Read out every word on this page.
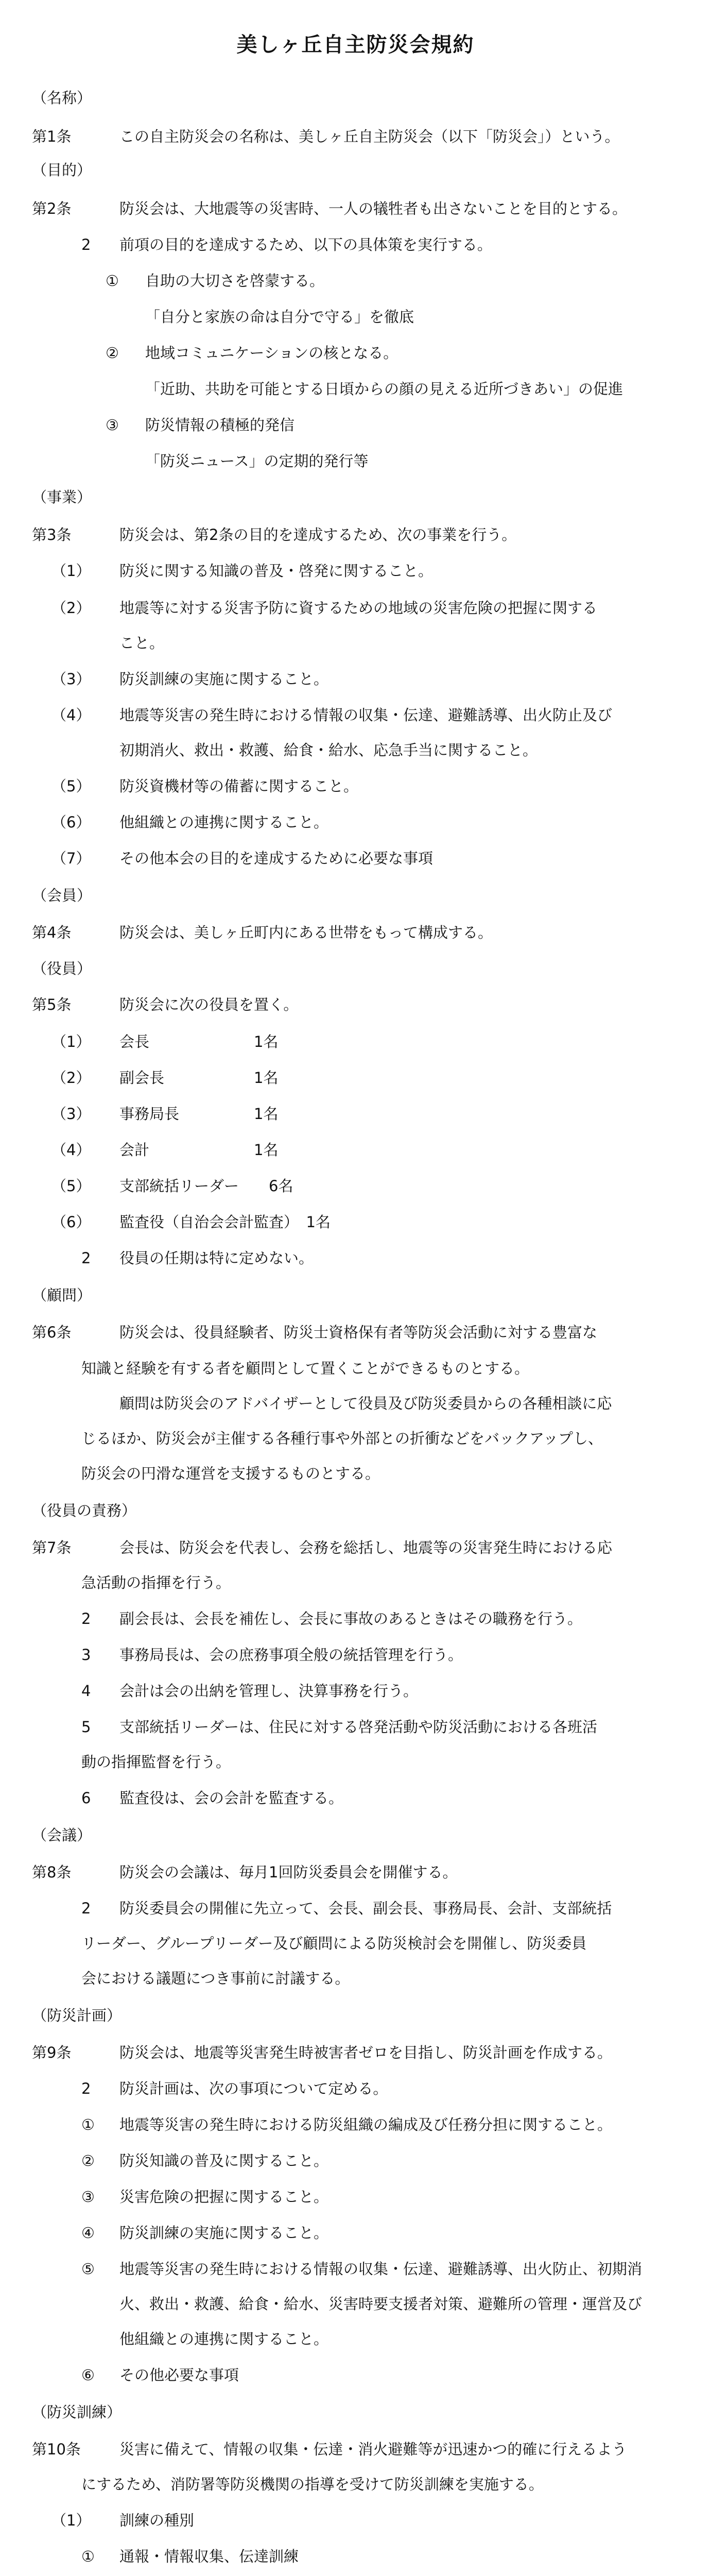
美しヶ丘自主防災会規約
（名称）
第1条	この自主防災会の名称は、美しヶ丘自主防災会（以下「防災会」）という。
（目的）
第2条	防災会は、大地震等の災害時、一人の犠牲者も出さないことを目的とする。
2 前項の目的を達成するため、以下の具体策を実行する。
① 自助の大切さを啓蒙する。
「自分と家族の命は自分で守る」を徹底
② 地域コミュニケーションの核となる。
「近助、共助を可能とする日頃からの顔の見える近所づきあい」の促進
③ 防災情報の積極的発信
「防災ニュース」の定期的発行等
（事業）
第3条	防災会は、第2条の目的を達成するため、次の事業を行う。
（1） 防災に関する知識の普及・啓発に関すること。
（2） 地震等に対する災害予防に資するための地域の災害危険の把握に関する
こと。
（3） 防災訓練の実施に関すること。
（4） 地震等災害の発生時における情報の収集・伝達、避難誘導、出火防止及び
初期消火、救出・救護、給食・給水、応急手当に関すること。
（5） 防災資機材等の備蓄に関すること。
（6） 他組織との連携に関すること。
（7） その他本会の目的を達成するために必要な事項
（会員）
第4条	防災会は、美しヶ丘町内にある世帯をもって構成する。
（役員）
第5条	防災会に次の役員を置く。
（1） 会長　　　　　　　1名
（2） 副会長　　　　　　1名
（3） 事務局長　　　　　1名
（4） 会計　　　　　　　1名
（5） 支部統括リーダー　　6名
（6） 監査役（自治会会計監査）　1名
2 役員の任期は特に定めない。
（顧問）
第6条	防災会は、役員経験者、防災士資格保有者等防災会活動に対する豊富な
知識と経験を有する者を顧問として置くことができるものとする。
顧問は防災会のアドバイザーとして役員及び防災委員からの各種相談に応
じるほか、防災会が主催する各種行事や外部との折衝などをバックアップし、
防災会の円滑な運営を支援するものとする。
（役員の責務）
第7条	会長は、防災会を代表し、会務を総括し、地震等の災害発生時における応
急活動の指揮を行う。
2 副会長は、会長を補佐し、会長に事故のあるときはその職務を行う。
3 事務局長は、会の庶務事項全般の統括管理を行う。
4 会計は会の出納を管理し、決算事務を行う。
5 支部統括リーダーは、住民に対する啓発活動や防災活動における各班活
動の指揮監督を行う。
6 監査役は、会の会計を監査する。
（会議）
第8条	防災会の会議は、毎月1回防災委員会を開催する。
2 防災委員会の開催に先立って、会長、副会長、事務局長、会計、支部統括
リーダー、グループリーダー及び顧問による防災検討会を開催し、防災委員
会における議題につき事前に討議する。
（防災計画）
第9条	防災会は、地震等災害発生時被害者ゼロを目指し、防災計画を作成する。
2 防災計画は、次の事項について定める。
① 地震等災害の発生時における防災組織の編成及び任務分担に関すること。
② 防災知識の普及に関すること。
③ 災害危険の把握に関すること。
④ 防災訓練の実施に関すること。
⑤ 地震等災害の発生時における情報の収集・伝達、避難誘導、出火防止、初期消
火、救出・救護、給食・給水、災害時要支援者対策、避難所の管理・運営及び
他組織との連携に関すること。
⑥ その他必要な事項
（防災訓練）
第10条	災害に備えて、情報の収集・伝達・消火避難等が迅速かつ的確に行えるよう
にするため、消防署等防災機関の指導を受けて防災訓練を実施する。
（1） 訓練の種別
① 通報・情報収集、伝達訓練
